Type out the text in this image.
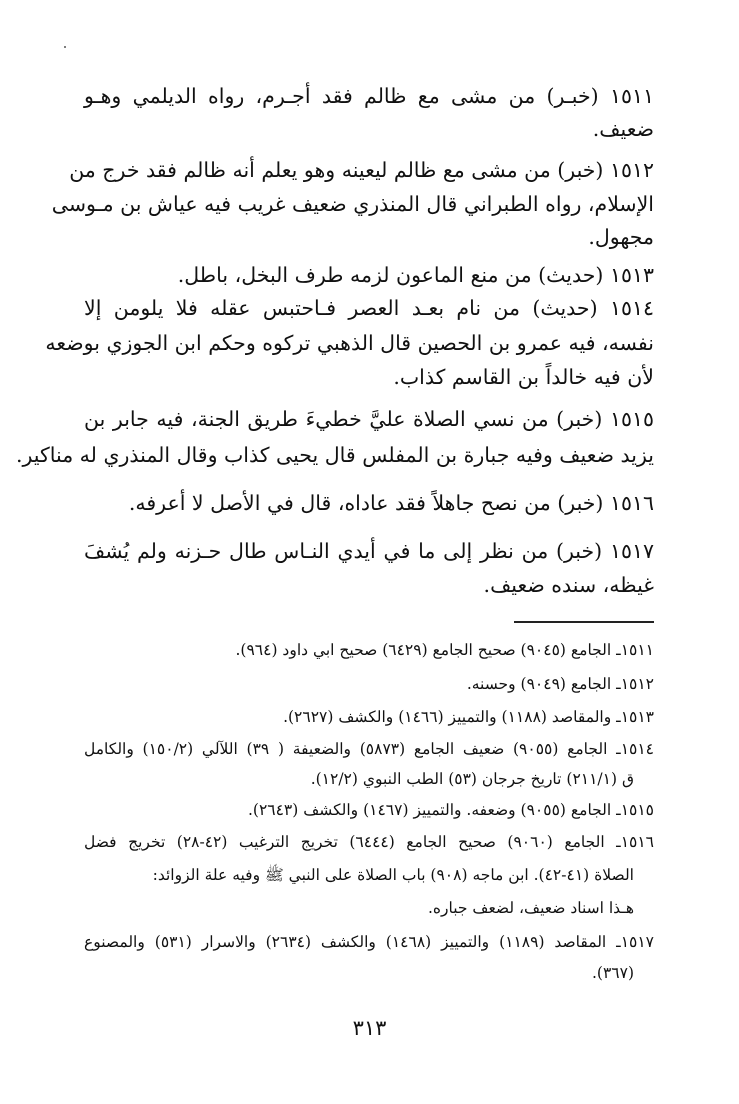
١٥١١ (خبـر) من مشى مع ظالم فقد أجـرم، رواه الديلمي وهـو
ضعيف.
١٥١٢ (خبر) من مشى مع ظالم ليعينه وهو يعلم أنه ظالم فقد خرج من
الإسلام، رواه الطبراني قال المنذري ضعيف غريب فيه عياش بن مـوسى
مجهول.
١٥١٣ (حديث) من منع الماعون لزمه طرف البخل، باطل.
١٥١٤ (حديث) من نام بعـد العصر فـاحتبس عقله فلا يلومن إلا
نفسه، فيه عمرو بن الحصين قال الذهبي تركوه وحكم ابن الجوزي بوضعه
لأن فيه خالداً بن القاسم كذاب.
١٥١٥ (خبر) من نسي الصلاة عليَّ خطيءَ طريق الجنة، فيه جابر بن
يزيد ضعيف وفيه جبارة بن المفلس قال يحيى كذاب وقال المنذري له مناكير.
١٥١٦ (خبر) من نصح جاهلاً فقد عاداه، قال في الأصل لا أعرفه.
١٥١٧ (خبر) من نظر إلى ما في أيدي النـاس طال حـزنه ولم يُشفَ
غيظه، سنده ضعيف.
١٥١١ـ الجامع (٩٠٤٥) صحيح الجامع (٦٤٢٩) صحيح ابي داود (٩٦٤).
١٥١٢ـ الجامع (٩٠٤٩) وحسنه.
١٥١٣ـ والمقاصد (١١٨٨) والتمييز (١٤٦٦) والكشف (٢٦٢٧).
١٥١٤ـ الجامع (٩٠٥٥) ضعيف الجامع (٥٨٧٣) والضعيفة ( ٣٩) اللآلي (١٥٠/٢) والكامل
ق (٢١١/١) تاريخ جرجان (٥٣) الطب النبوي (١٢/٢).
١٥١٥ـ الجامع (٩٠٥٥) وضعفه. والتمييز (١٤٦٧) والكشف (٢٦٤٣).
١٥١٦ـ الجامع (٩٠٦٠) صحيح الجامع (٦٤٤٤) تخريج الترغيب (٤٢-٢٨) تخريج فضل
الصلاة (٤١-٤٢). ابن ماجه (٩٠٨) باب الصلاة على النبي ﷺ وفيه علة الزوائد:
هـذا اسناد ضعيف، لضعف جباره.
١٥١٧ـ المقاصد (١١٨٩) والتمييز (١٤٦٨) والكشف (٢٦٣٤) والاسرار (٥٣١) والمصنوع
(٣٦٧).
٣١٣
